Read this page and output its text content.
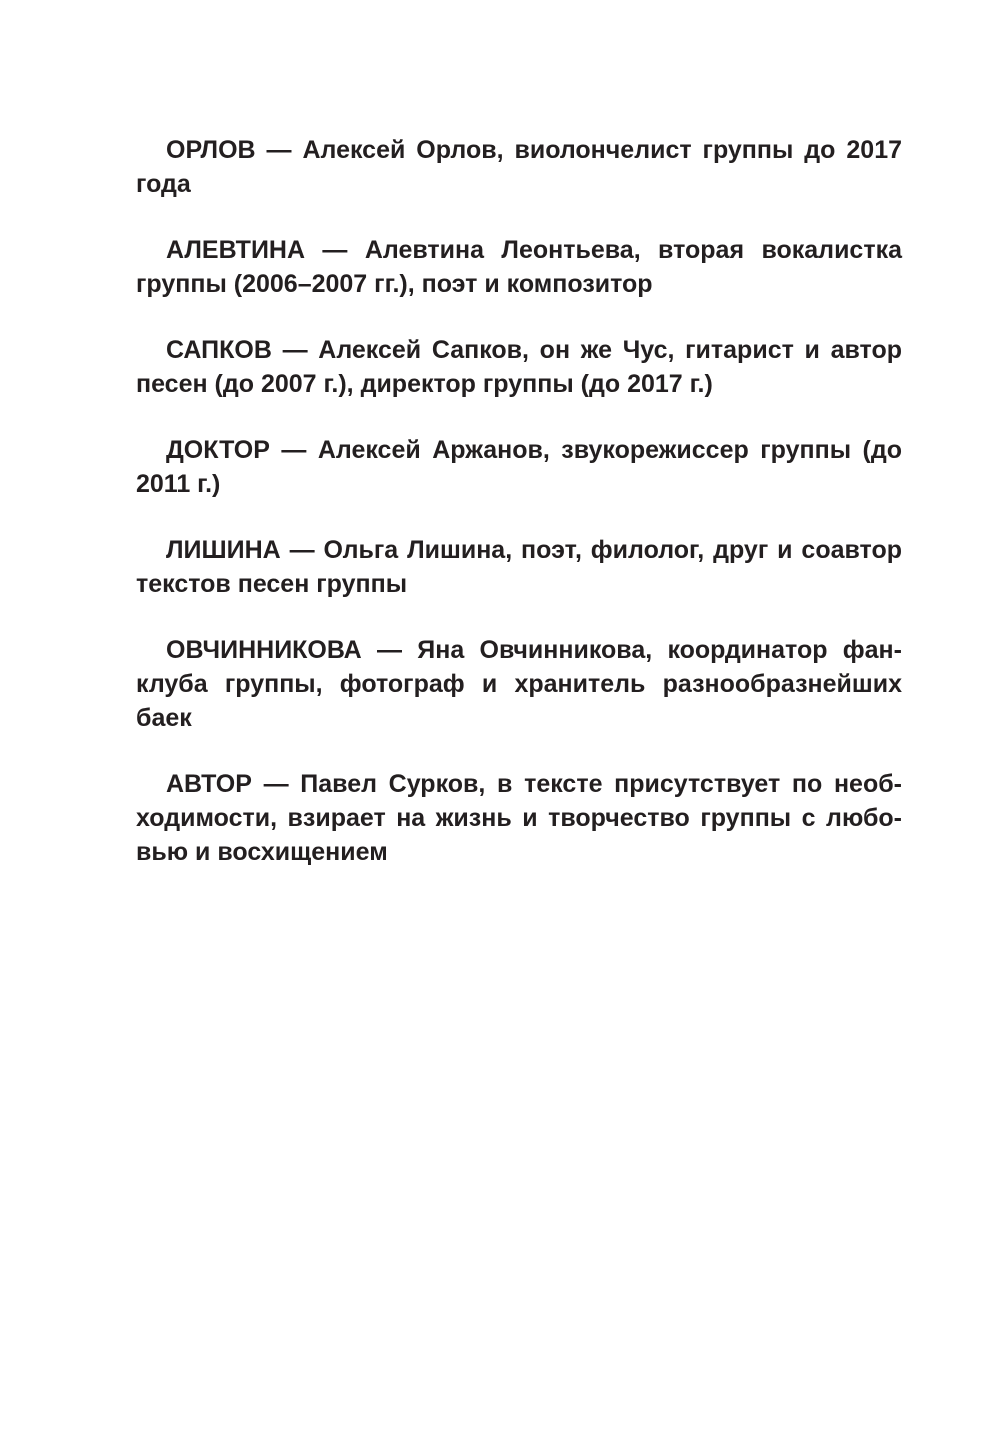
ОРЛОВ — Алексей Орлов, виолончелист группы до 2017 года

АЛЕВТИНА — Алевтина Леонтьева, вторая вокалистка группы (2006–2007 гг.), поэт и композитор

САПКОВ — Алексей Сапков, он же Чус, гитарист и автор песен (до 2007 г.), директор группы (до 2017 г.)

ДОКТОР — Алексей Аржанов, звукорежиссер группы (до 2011 г.)

ЛИШИНА — Ольга Лишина, поэт, филолог, друг и соавтор текстов песен группы

ОВЧИННИКОВА — Яна Овчинникова, координатор фанклуба группы, фотограф и хранитель разнообразнейших баек

АВТОР — Павел Сурков, в тексте присутствует по необходимости, взирает на жизнь и творчество группы с любовью и восхищением
